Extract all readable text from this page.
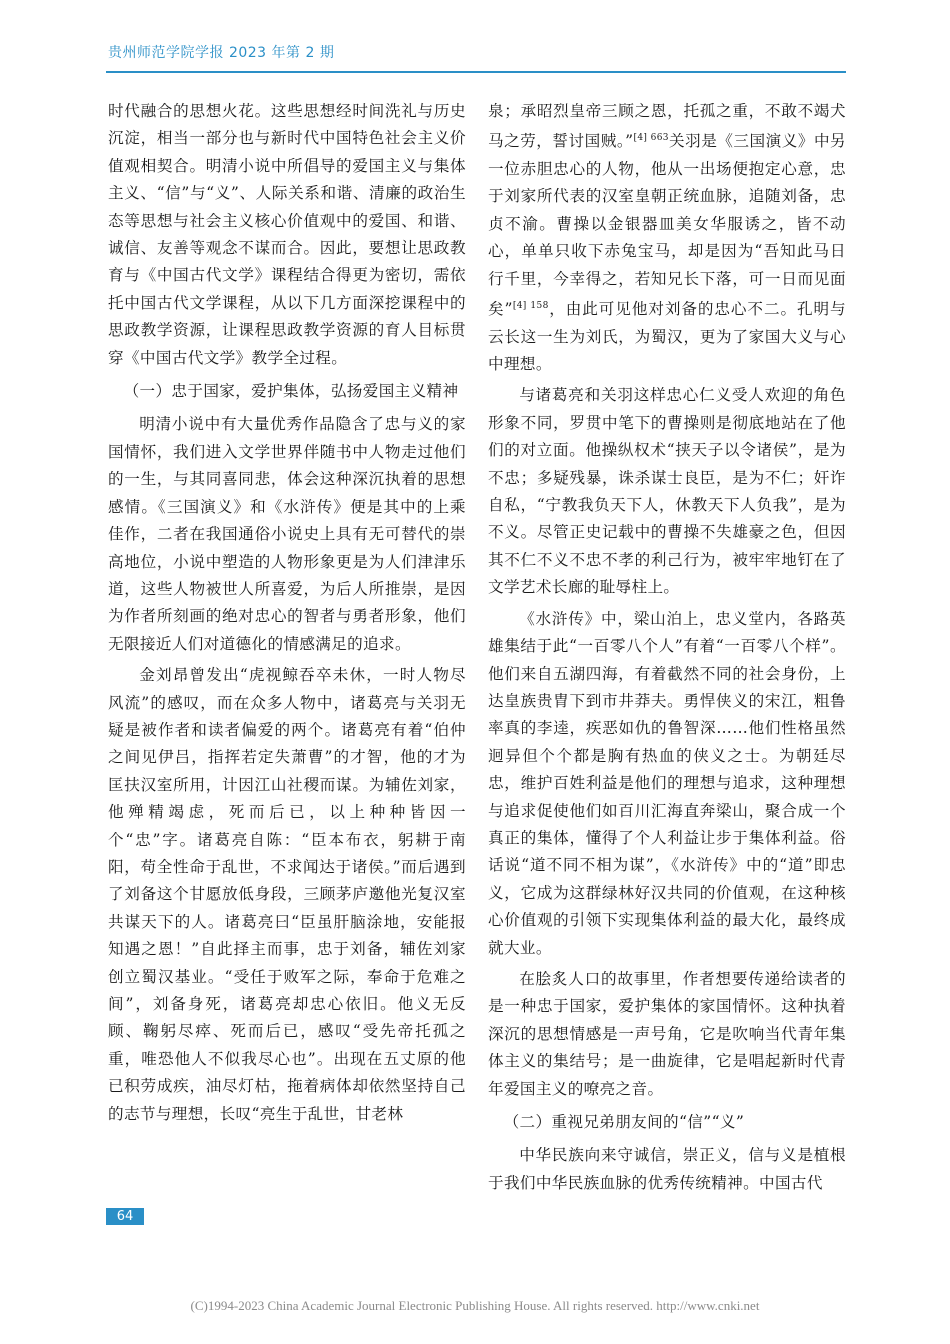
贵州师范学院学报 2023 年第 2 期

时代融合的思想火花。这些思想经时间洗礼与历史沉淀，相当一部分也与新时代中国特色社会主义价值观相契合。明清小说中所倡导的爱国主义与集体主义、“信”与“义”、人际关系和谐、清廉的政治生态等思想与社会主义核心价值观中的爱国、和谐、诚信、友善等观念不谋而合。因此，要想让思政教育与《中国古代文学》课程结合得更为密切，需依托中国古代文学课程，从以下几方面深挖课程中的思政教学资源，让课程思政教学资源的育人目标贯穿《中国古代文学》教学全过程。

（一）忠于国家，爱护集体，弘扬爱国主义精神

明清小说中有大量优秀作品隐含了忠与义的家国情怀，我们进入文学世界伴随书中人物走过他们的一生，与其同喜同悲，体会这种深沉执着的思想感情。《三国演义》和《水浒传》便是其中的上乘佳作，二者在我国通俗小说史上具有无可替代的崇高地位，小说中塑造的人物形象更是为人们津津乐道，这些人物被世人所喜爱，为后人所推崇，是因为作者所刻画的绝对忠心的智者与勇者形象，他们无限接近人们对道德化的情感满足的追求。

金刘昂曾发出“虎视鲸吞卒未休，一时人物尽风流”的感叹，而在众多人物中，诸葛亮与关羽无疑是被作者和读者偏爱的两个。诸葛亮有着“伯仲之间见伊吕，指挥若定失萧曹”的才智，他的才为匡扶汉室所用，计因江山社稷而谋。为辅佐刘家，他殚精竭虑，死而后已，以上种种皆因一个“忠”字。诸葛亮自陈：“臣本布衣，躬耕于南阳，苟全性命于乱世，不求闻达于诸侯。”而后遇到了刘备这个甘愿放低身段，三顾茅庐邀他光复汉室共谋天下的人。诸葛亮曰“臣虽肝脑涂地，安能报知遇之恩！”自此择主而事，忠于刘备，辅佐刘家创立蜀汉基业。“受任于败军之际，奉命于危难之间”，刘备身死，诸葛亮却忠心依旧。他义无反顾、鞠躬尽瘁、死而后已，感叹“受先帝托孤之重，唯恐他人不似我尽心也”。出现在五丈原的他已积劳成疾，油尽灯枯，拖着病体却依然坚持自己的志节与理想，长叹“亮生于乱世，甘老林

泉；承昭烈皇帝三顾之恩，托孤之重，不敢不竭犬马之劳，誓讨国贼。”$^{[4] 663}$关羽是《三国演义》中另一位赤胆忠心的人物，他从一出场便抱定心意，忠于刘家所代表的汉室皇朝正统血脉，追随刘备，忠贞不渝。曹操以金银器皿美女华服诱之，皆不动心，单单只收下赤兔宝马，却是因为“吾知此马日行千里，今幸得之，若知兄长下落，可一日而见面矣”$^{[4] 158}$，由此可见他对刘备的忠心不二。孔明与云长这一生为刘氏，为蜀汉，更为了家国大义与心中理想。

与诸葛亮和关羽这样忠心仁义受人欢迎的角色形象不同，罗贯中笔下的曹操则是彻底地站在了他们的对立面。他操纵权术“挟天子以令诸侯”，是为不忠；多疑残暴，诛杀谋士良臣，是为不仁；奸诈自私，“宁教我负天下人，休教天下人负我”，是为不义。尽管正史记载中的曹操不失雄豪之色，但因其不仁不义不忠不孝的利己行为，被牢牢地钉在了文学艺术长廊的耻辱柱上。

《水浒传》中，梁山泊上，忠义堂内，各路英雄集结于此“一百零八个人”有着“一百零八个样”。他们来自五湖四海，有着截然不同的社会身份，上达皇族贵胄下到市井莽夫。勇悍侠义的宋江，粗鲁率真的李逵，疾恶如仇的鲁智深……他们性格虽然迥异但个个都是胸有热血的侠义之士。为朝廷尽忠，维护百姓利益是他们的理想与追求，这种理想与追求促使他们如百川汇海直奔梁山，聚合成一个真正的集体，懂得了个人利益让步于集体利益。俗话说“道不同不相为谋”，《水浒传》中的“道”即忠义，它成为这群绿林好汉共同的价值观，在这种核心价值观的引领下实现集体利益的最大化，最终成就大业。

在脍炙人口的故事里，作者想要传递给读者的是一种忠于国家，爱护集体的家国情怀。这种执着深沉的思想情感是一声号角，它是吹响当代青年集体主义的集结号；是一曲旋律，它是唱起新时代青年爱国主义的嘹亮之音。

（二）重视兄弟朋友间的“信”“义”

中华民族向来守诚信，崇正义，信与义是植根于我们中华民族血脉的优秀传统精神。中国古代

64
(C)1994-2023 China Academic Journal Electronic Publishing House. All rights reserved. http://www.cnki.net
